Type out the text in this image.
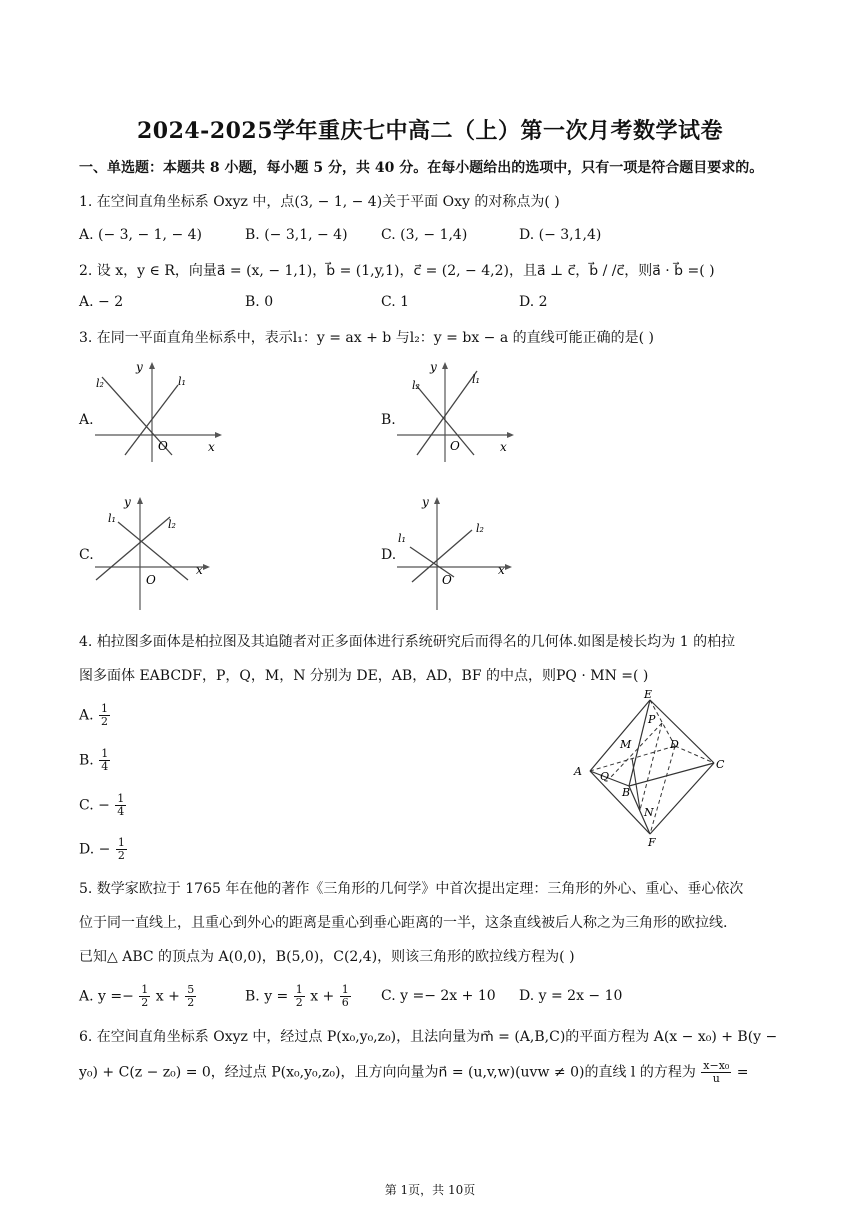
2024-2025学年重庆七中高二（上）第一次月考数学试卷
一、单选题：本题共 8 小题，每小题 5 分，共 40 分。在每小题给出的选项中，只有一项是符合题目要求的。
1. 在空间直角坐标系 Oxyz 中，点(3, − 1, − 4)关于平面 Oxy 的对称点为( )
A. (− 3, − 1, − 4)	B. (− 3,1, − 4) C. (3, − 1,4)	D. (− 3,1,4)
2. 设 x，y ∈ R，向量a⃗ = (x, − 1,1)，b⃗ = (1,y,1)，c⃗ = (2, − 4,2)，且a⃗ ⊥ c⃗，b⃗ / /c⃗，则a⃗ · b⃗ =( )
A. − 2	B. 0	C. 1	D. 2
3. 在同一平面直角坐标系中，表示l₁：y = ax + b 与l₂：y = bx − a 的直线可能正确的是( )
A.
O	x
y
l₂	l₁
B.
O	x
y
l₂	l₁
C.
O
x
y
l₁	l₂
D.
O
x
y
l₁
l₂
4. 柏拉图多面体是柏拉图及其追随者对正多面体进行系统研究后而得名的几何体.如图是棱长均为 1 的柏拉
图多面体 EABCDF，P，Q，M，N 分别为 DE，AB，AD，BF 的中点，则PQ · MN =( )
A. $\frac{1}{2}$
B. $\frac{1}{4}$
C. − $\frac{1}{4}$
D. − $\frac{1}{2}$
E
P
M	D
A Q
B
N
C
F
5. 数学家欧拉于 1765 年在他的著作《三角形的几何学》中首次提出定理：三角形的外心、重心、垂心依次
位于同一直线上，且重心到外心的距离是重心到垂心距离的一半，这条直线被后人称之为三角形的欧拉线.
已知△ ABC 的顶点为 A(0,0)，B(5,0)，C(2,4)，则该三角形的欧拉线方程为( )
A. $y =- \frac{1}{2}$ $x + \frac{5}{2}$	B. $y = \frac{1}{2}$ $x + \frac{1}{6} C$. y =− 2x + 10 D. y = 2x − 10
6. 在空间直角坐标系 Oxyz 中，经过点 P(x₀,y₀,z₀)，且法向量为m⃗ = (A,B,C)的平面方程为 A(x − x₀) + B(y −
y₀) + C(z − z₀) = 0，经过点 P(x₀,y₀,z₀)，且方向向量为n⃗ = (u,v,w)(uvw ≠ 0)的直线 l 的方程为 $\frac{\text{x−x₀}}{u}$ =
第 1页，共 10页
